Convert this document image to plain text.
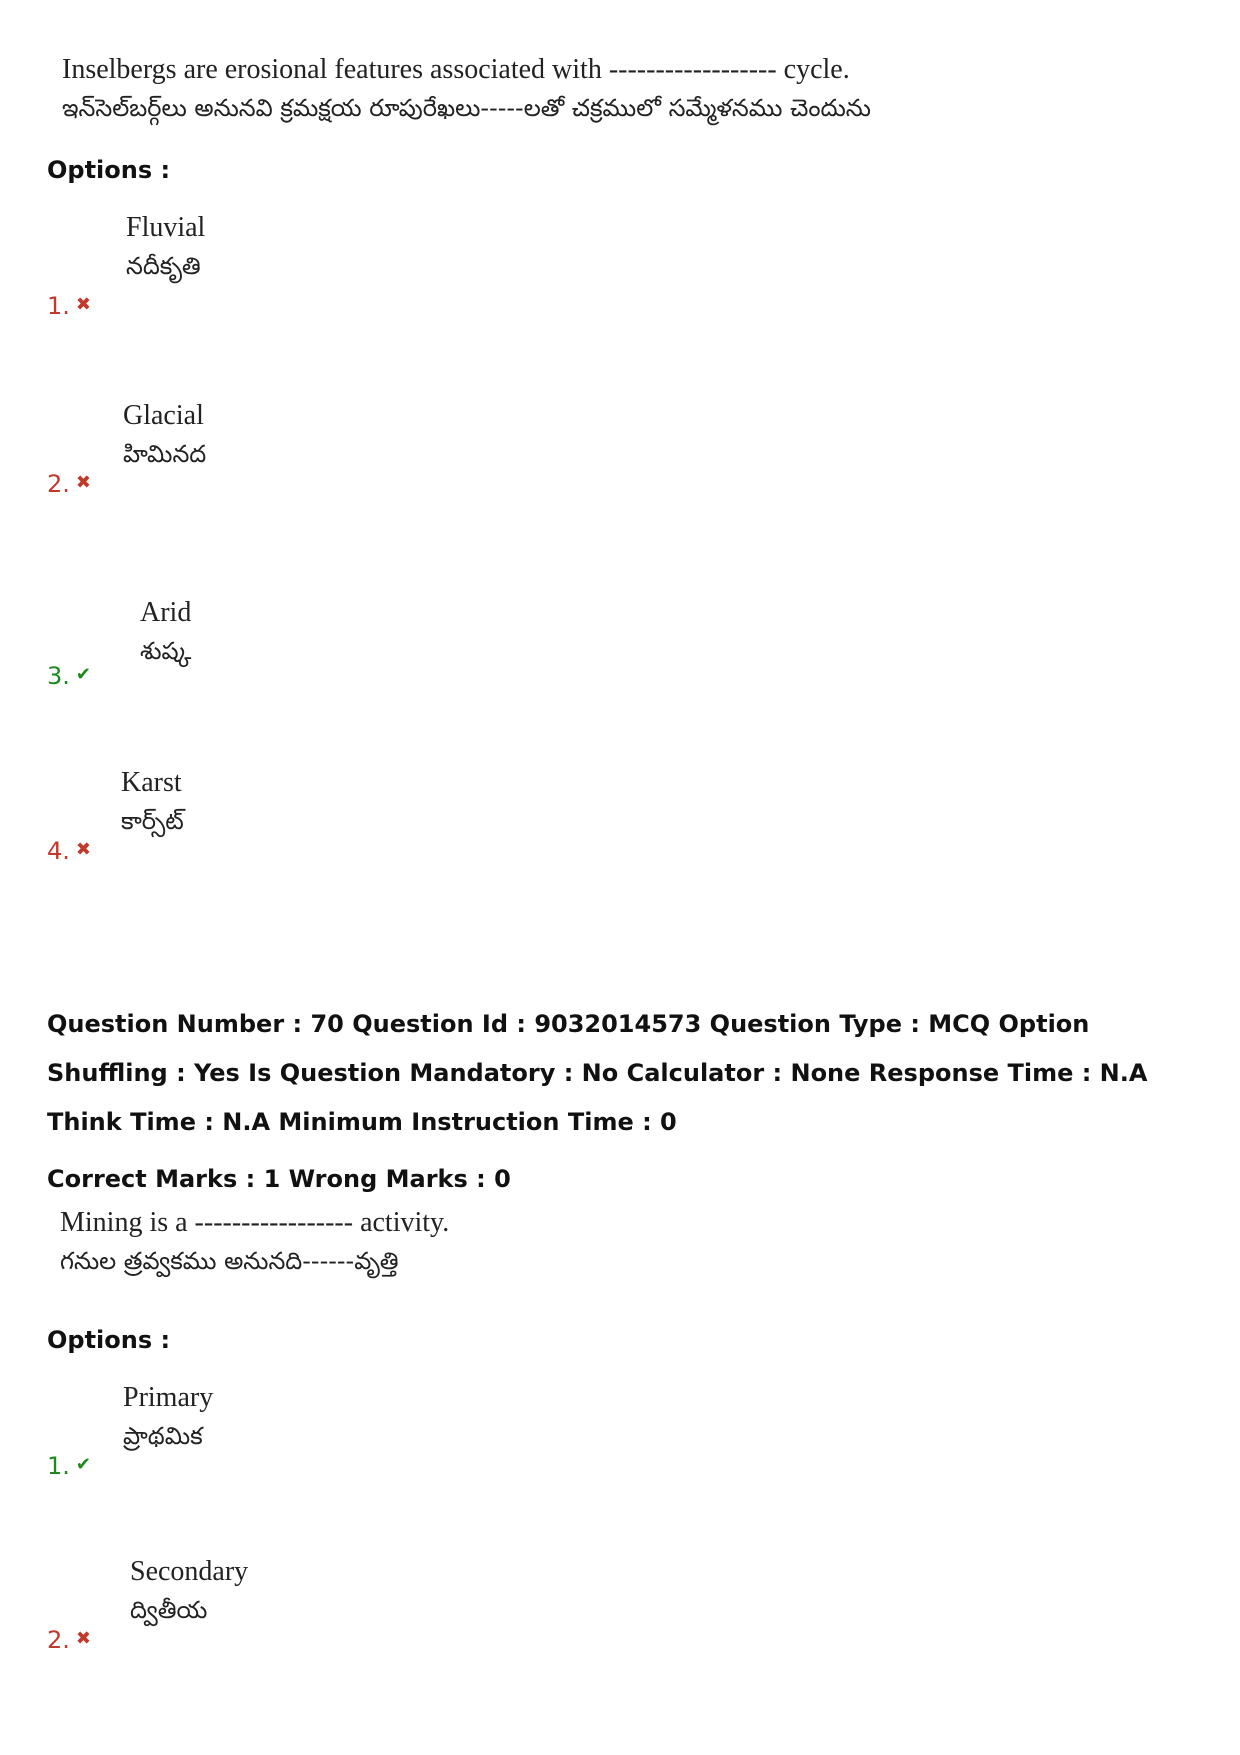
Inselbergs are erosional features associated with ------------------ cycle.
ఇన్‌సెల్‌బర్గ్‌లు అనునవి క్రమక్షయ రూపురేఖలు-----లతో చక్రములో సమ్మేళనము చెందును
Options :
Fluvial
నదీకృతి
1. ✖
Glacial
హిమినద
2. ✖
Arid
శుష్క
3. ✔
Karst
కార్స్‌ట్
4. ✖
Question Number : 70 Question Id : 9032014573 Question Type : MCQ Option Shuffling : Yes Is Question Mandatory : No Calculator : None Response Time : N.A Think Time : N.A Minimum Instruction Time : 0
Correct Marks : 1 Wrong Marks : 0
Mining is a ----------------- activity.
గనుల త్రవ్వకము అనునది------వృత్తి
Options :
Primary
ప్రాథమిక
1. ✔
Secondary
ద్వితీయ
2. ✖
